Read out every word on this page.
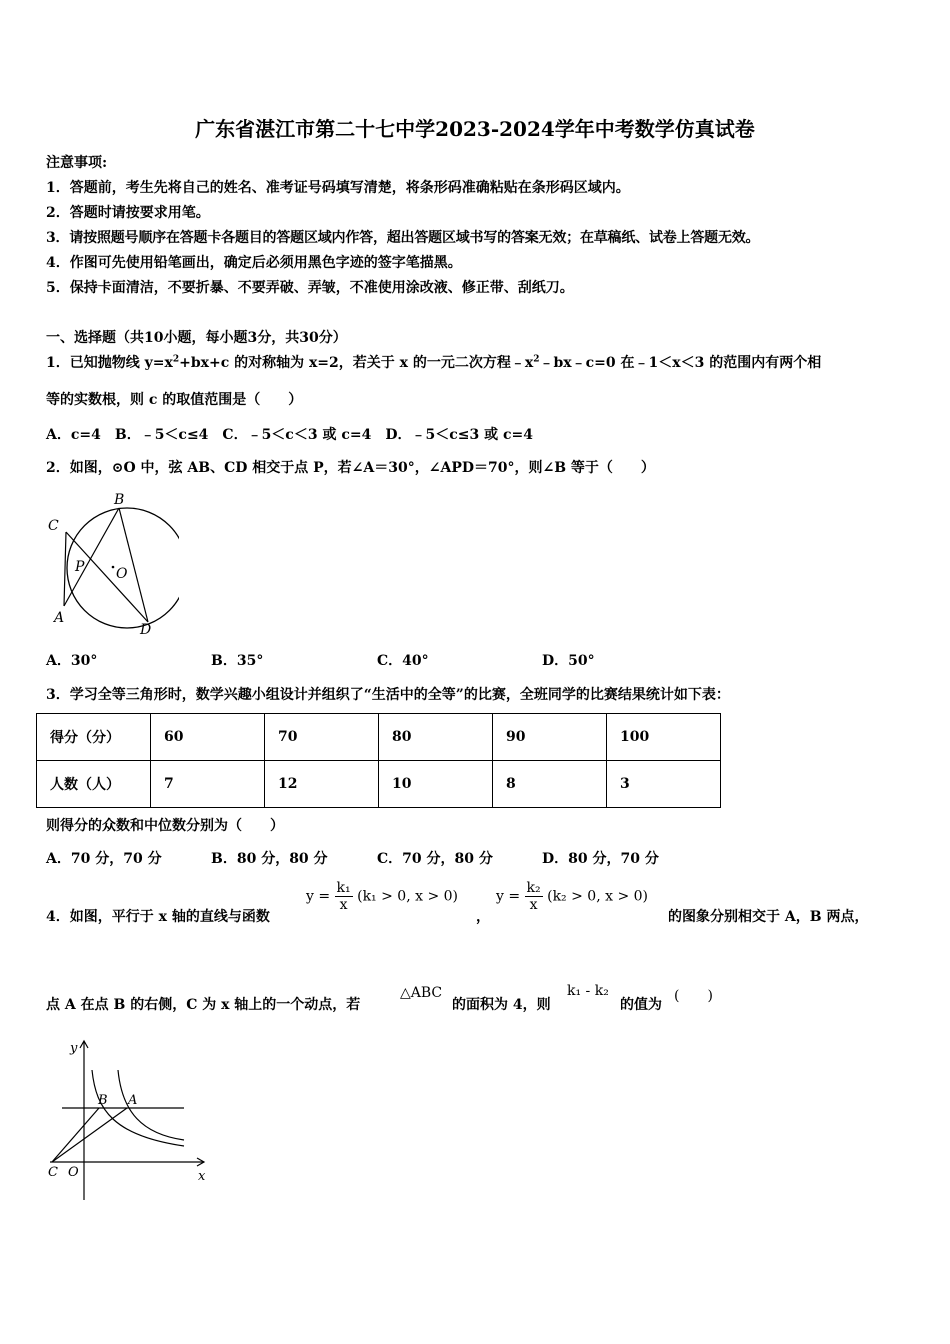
广东省湛江市第二十七中学2023-2024学年中考数学仿真试卷
注意事项:
1．答题前，考生先将自己的姓名、准考证号码填写清楚，将条形码准确粘贴在条形码区域内。
2．答题时请按要求用笔。
3．请按照题号顺序在答题卡各题目的答题区域内作答，超出答题区域书写的答案无效；在草稿纸、试卷上答题无效。
4．作图可先使用铅笔画出，确定后必须用黑色字迹的签字笔描黑。
5．保持卡面清洁，不要折暴、不要弄破、弄皱，不准使用涂改液、修正带、刮纸刀。
一、选择题（共10小题，每小题3分，共30分）
1．已知抛物线 $y=x^2+bx+c$ 的对称轴为 x=2，若关于 x 的一元二次方程$﹣x^2﹣bx﹣c=0$ 在﹣1＜x＜3 的范围内有两个相
等的实数根，则 c 的取值范围是（　　）
A．c=4　B．﹣5＜c≤4　C．﹣5＜c＜3 或 c=4　D．﹣5＜c≤3 或 c=4
2．如图，⊙O 中，弦 AB、CD 相交于点 P，若∠A＝30°，∠APD＝70°，则∠B 等于（　　）
B
C
P O
A
D
A．30°	B．35°	C．40°	D．50°
3．学习全等三角形时，数学兴趣小组设计并组织了“生活中的全等”的比赛，全班同学的比赛结果统计如下表：
得分（分）	60	70	80	90	100
人数（人）	7	12	10	8	3
则得分的众数和中位数分别为（　　）
A．70 分，70 分	B．80 分，80 分	C．70 分，80 分	D．80 分，70 分
4．如图，平行于 x 轴的直线与函数
$y = \frac{\text{k₁}}{x} (k_1 > 0$, x > 0)
，
$y = \frac{\text{k₂}}{x} (k_2 > 0$, x > 0)
的图象分别相交于 A，B 两点，
点 A 在点 B 的右侧，C 为 x 轴上的一个动点，若
△ABC
的面积为 4，则
k₁ - k₂
的值为
(　　)
y
x
B A
C O
